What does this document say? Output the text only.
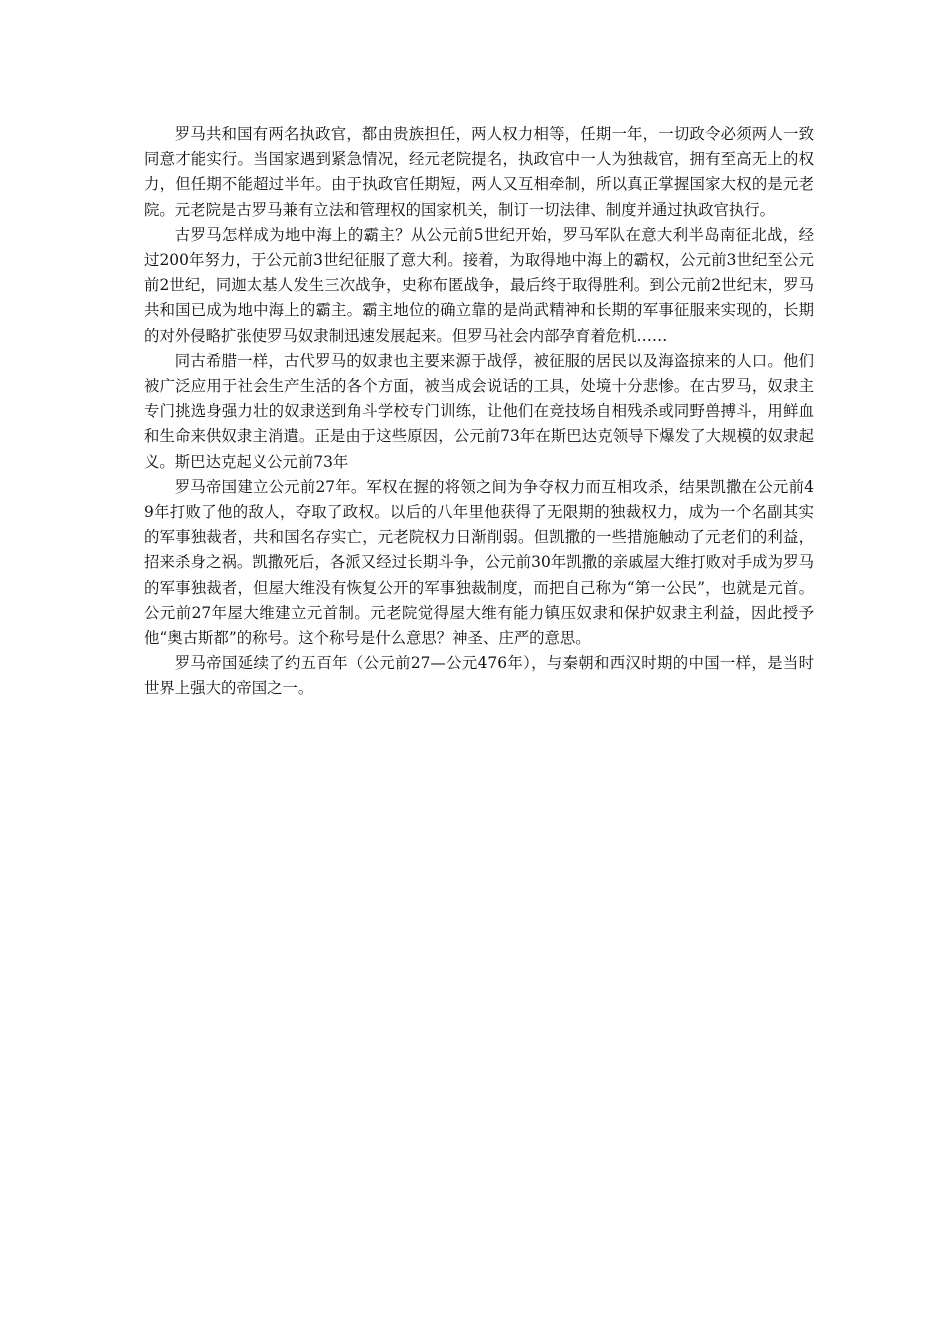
罗马共和国有两名执政官，都由贵族担任，两人权力相等，任期一年，一切政令必须两人一致同意才能实行。当国家遇到紧急情况，经元老院提名，执政官中一人为独裁官，拥有至高无上的权力，但任期不能超过半年。由于执政官任期短，两人又互相牵制，所以真正掌握国家大权的是元老院。元老院是古罗马兼有立法和管理权的国家机关，制订一切法律、制度并通过执政官执行。

古罗马怎样成为地中海上的霸主？从公元前5世纪开始，罗马军队在意大利半岛南征北战，经过200年努力，于公元前3世纪征服了意大利。接着，为取得地中海上的霸权，公元前3世纪至公元前2世纪，同迦太基人发生三次战争，史称布匿战争，最后终于取得胜利。到公元前2世纪末，罗马共和国已成为地中海上的霸主。霸主地位的确立靠的是尚武精神和长期的军事征服来实现的，长期的对外侵略扩张使罗马奴隶制迅速发展起来。但罗马社会内部孕育着危机……

同古希腊一样，古代罗马的奴隶也主要来源于战俘，被征服的居民以及海盗掠来的人口。他们被广泛应用于社会生产生活的各个方面，被当成会说话的工具，处境十分悲惨。在古罗马，奴隶主专门挑选身强力壮的奴隶送到角斗学校专门训练，让他们在竞技场自相残杀或同野兽搏斗，用鲜血和生命来供奴隶主消遣。正是由于这些原因，公元前73年在斯巴达克领导下爆发了大规模的奴隶起义。斯巴达克起义公元前73年

罗马帝国建立公元前27年。军权在握的将领之间为争夺权力而互相攻杀，结果凯撒在公元前49年打败了他的敌人，夺取了政权。以后的八年里他获得了无限期的独裁权力，成为一个名副其实的军事独裁者，共和国名存实亡，元老院权力日渐削弱。但凯撒的一些措施触动了元老们的利益，招来杀身之祸。凯撒死后，各派又经过长期斗争，公元前30年凯撒的亲戚屋大维打败对手成为罗马的军事独裁者，但屋大维没有恢复公开的军事独裁制度，而把自己称为“第一公民”，也就是元首。公元前27年屋大维建立元首制。元老院觉得屋大维有能力镇压奴隶和保护奴隶主利益，因此授予他“奥古斯都”的称号。这个称号是什么意思？神圣、庄严的意思。

罗马帝国延续了约五百年（公元前27—公元476年），与秦朝和西汉时期的中国一样，是当时世界上强大的帝国之一。
